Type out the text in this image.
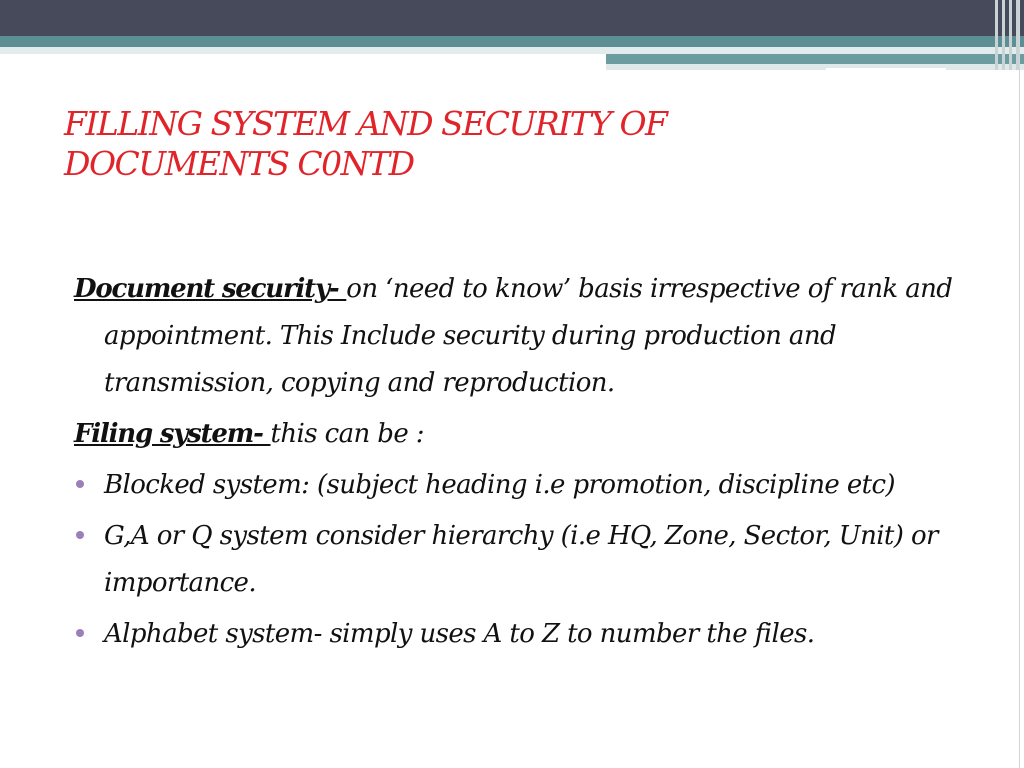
FILLING SYSTEM AND SECURITY OF
DOCUMENTS C0NTD

Document security- on ‘need to know’ basis irrespective of rank and appointment. This Include security during production and transmission, copying and reproduction.

Filing system- this can be :

Blocked system: (subject heading i.e promotion, discipline etc)

G,A or Q system consider hierarchy (i.e HQ, Zone, Sector, Unit) or importance.

Alphabet system- simply uses A to Z to number the files.
